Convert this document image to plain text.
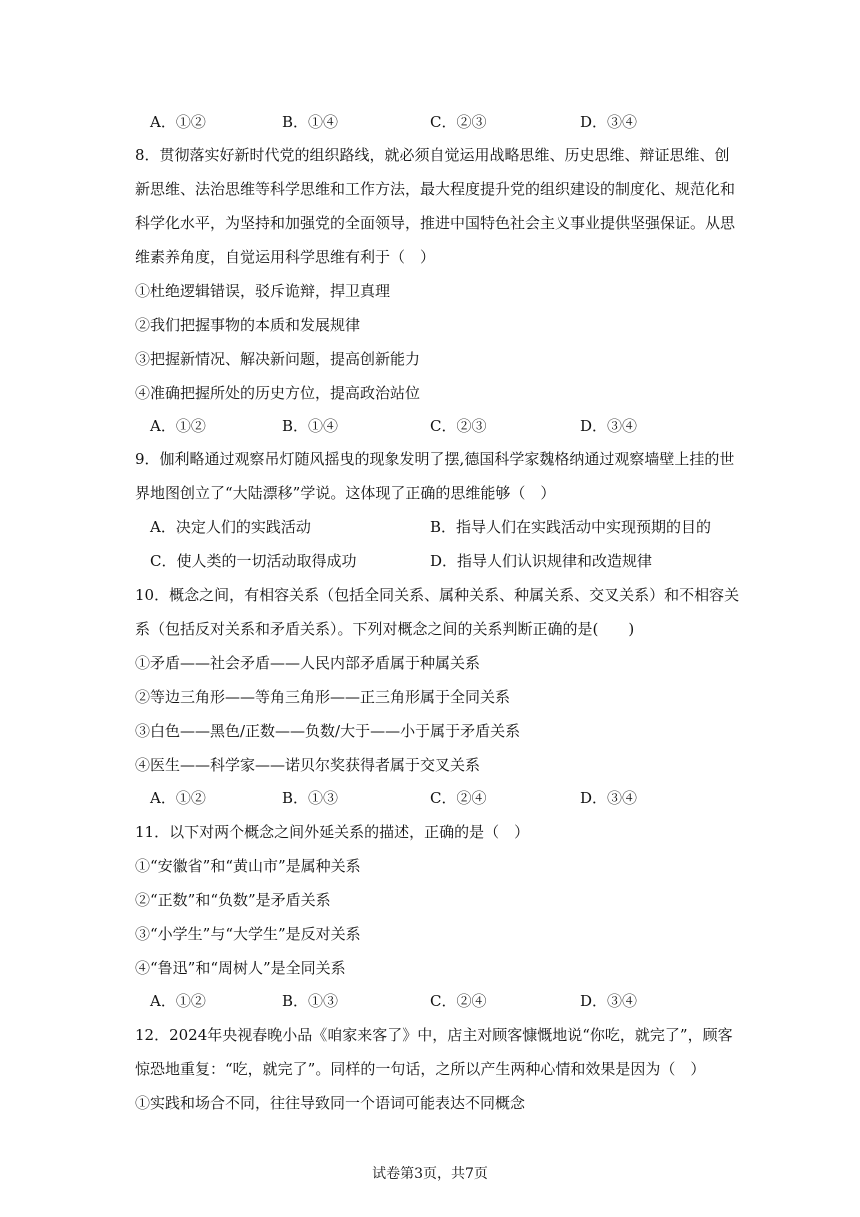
A．①②	B．①④	C．②③	D．③④
8．贯彻落实好新时代党的组织路线，就必须自觉运用战略思维、历史思维、辩证思维、创
新思维、法治思维等科学思维和工作方法，最大程度提升党的组织建设的制度化、规范化和
科学化水平，为坚持和加强党的全面领导，推进中国特色社会主义事业提供坚强保证。从思
维素养角度，自觉运用科学思维有利于（　）
①杜绝逻辑错误，驳斥诡辩，捍卫真理
②我们把握事物的本质和发展规律
③把握新情况、解决新问题，提高创新能力
④准确把握所处的历史方位，提高政治站位
A．①②	B．①④	C．②③	D．③④
9．伽利略通过观察吊灯随风摇曳的现象发明了摆,德国科学家魏格纳通过观察墙壁上挂的世
界地图创立了“大陆漂移”学说。这体现了正确的思维能够（　）
A．决定人们的实践活动	B．指导人们在实践活动中实现预期的目的
C．使人类的一切活动取得成功	D．指导人们认识规律和改造规律
10．概念之间，有相容关系（包括全同关系、属种关系、种属关系、交叉关系）和不相容关
系（包括反对关系和矛盾关系）。下列对概念之间的关系判断正确的是(　　)
①矛盾——社会矛盾——人民内部矛盾属于种属关系
②等边三角形——等角三角形——正三角形属于全同关系
③白色——黑色/正数——负数/大于——小于属于矛盾关系
④医生——科学家——诺贝尔奖获得者属于交叉关系
A．①②	B．①③	C．②④	D．③④
11．以下对两个概念之间外延关系的描述，正确的是（　）
①“安徽省”和“黄山市”是属种关系
②“正数”和“负数”是矛盾关系
③“小学生”与“大学生”是反对关系
④“鲁迅”和“周树人”是全同关系
A．①②	B．①③	C．②④	D．③④
12．2024年央视春晚小品《咱家来客了》中，店主对顾客慷慨地说“你吃，就完了”，顾客
惊恐地重复：“吃，就完了”。同样的一句话，之所以产生两种心情和效果是因为（　）
①实践和场合不同，往往导致同一个语词可能表达不同概念
试卷第3页，共7页
